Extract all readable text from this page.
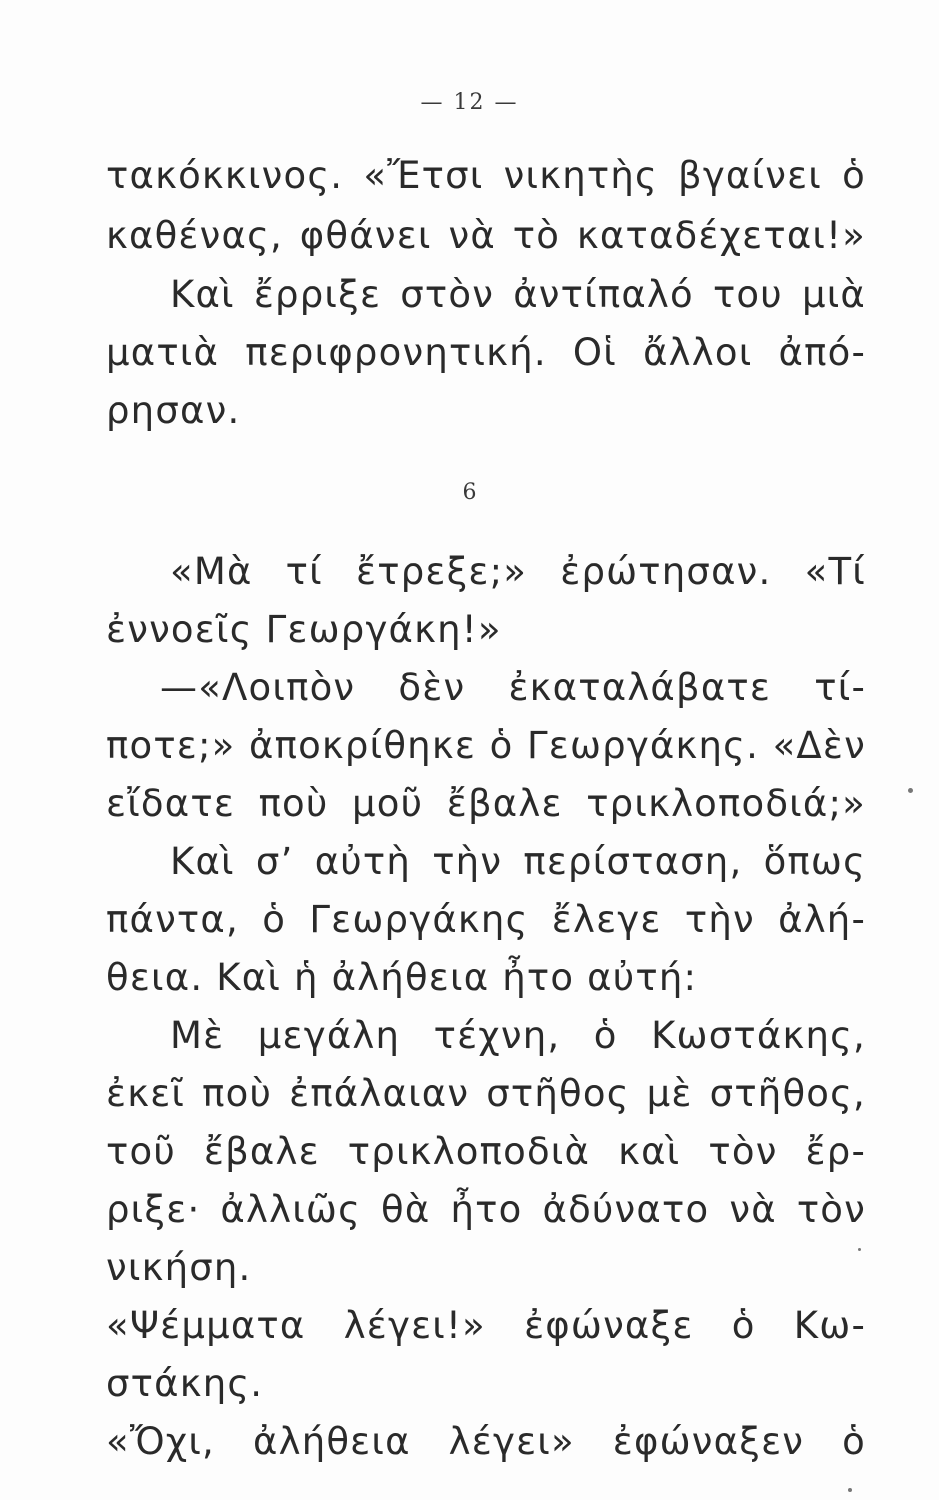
— 12 —
τακόκκινος. «Ἔτσι νικητὴς βγαίνει ὁ
καθένας, φθάνει νὰ τὸ καταδέχεται!»
Καὶ ἔρριξε στὸν ἀντίπαλό του μιὰ
ματιὰ περιφρονητική. Οἱ ἄλλοι ἀπό-
ρησαν.
6
«Μὰ τί ἔτρεξε;» ἐρώτησαν. «Τί
ἐννοεῖς Γεωργάκη!»
—«Λοιπὸν δὲν ἐκαταλάβατε τί-
ποτε;» ἀποκρίθηκε ὁ Γεωργάκης. «Δὲν
εἴδατε ποὺ μοῦ ἔβαλε τρικλοποδιά;»
Καὶ σ’ αὐτὴ τὴν περίσταση, ὅπως
πάντα, ὁ Γεωργάκης ἔλεγε τὴν ἀλή-
θεια. Καὶ ἡ ἀλήθεια ἦτο αὐτή:
Μὲ μεγάλη τέχνη, ὁ Κωστάκης,
ἐκεῖ ποὺ ἐπάλαιαν στῆθος μὲ στῆθος,
τοῦ ἔβαλε τρικλοποδιὰ καὶ τὸν ἔρ-
ριξε· ἀλλιῶς θὰ ἦτο ἀδύνατο νὰ τὸν
νικήση.
«Ψέμματα λέγει!» ἐφώναξε ὁ Κω-
στάκης.
«Ὄχι, ἀλήθεια λέγει» ἐφώναξεν ὁ
